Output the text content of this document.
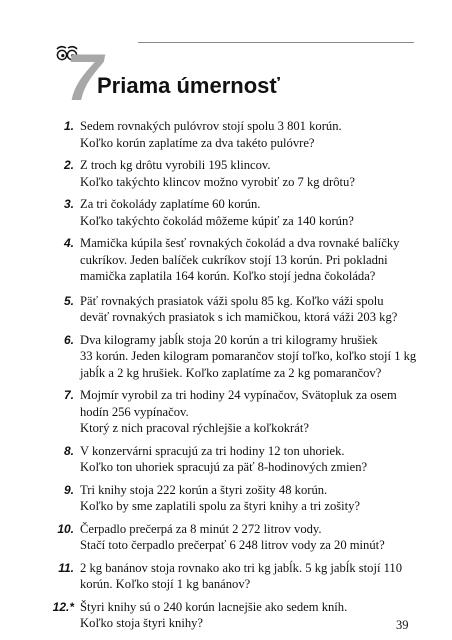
7
Priama úmernosť
1. Sedem rovnakých pulóvrov stojí spolu 3 801 korún.
Koľko korún zaplatíme za dva takéto pulóvre?
2. Z troch kg drôtu vyrobili 195 klincov.
Koľko takýchto klincov možno vyrobiť zo 7 kg drôtu?
3. Za tri čokolády zaplatíme 60 korún.
Koľko takýchto čokolád môžeme kúpiť za 140 korún?
4. Mamička kúpila šesť rovnakých čokolád a dva rovnaké balíčky
cukríkov. Jeden balíček cukríkov stojí 13 korún. Pri pokladni
mamička zaplatila 164 korún. Koľko stojí jedna čokoláda?
5. Päť rovnakých prasiatok váži spolu 85 kg. Koľko váži spolu
deväť rovnakých prasiatok s ich mamičkou, ktorá váži 203 kg?
6. Dva kilogramy jabĺk stoja 20 korún a tri kilogramy hrušiek
33 korún. Jeden kilogram pomarančov stojí toľko, koľko stojí 1 kg
jabĺk a 2 kg hrušiek. Koľko zaplatíme za 2 kg pomarančov?
7. Mojmír vyrobil za tri hodiny 24 vypínačov, Svätopluk za osem
hodín 256 vypínačov.
Ktorý z nich pracoval rýchlejšie a koľkokrát?
8. V konzervárni spracujú za tri hodiny 12 ton uhoriek.
Koľko ton uhoriek spracujú za päť 8-hodinových zmien?
9. Tri knihy stoja 222 korún a štyri zošity 48 korún.
Koľko by sme zaplatili spolu za štyri knihy a tri zošity?
10. Čerpadlo prečerpá za 8 minút 2 272 litrov vody.
Stačí toto čerpadlo prečerpať 6 248 litrov vody za 20 minút?
11. 2 kg banánov stoja rovnako ako tri kg jabĺk. 5 kg jabĺk stojí 110
korún. Koľko stojí 1 kg banánov?
12.* Štyri knihy sú o 240 korún lacnejšie ako sedem kníh.
Koľko stoja štyri knihy?	39
